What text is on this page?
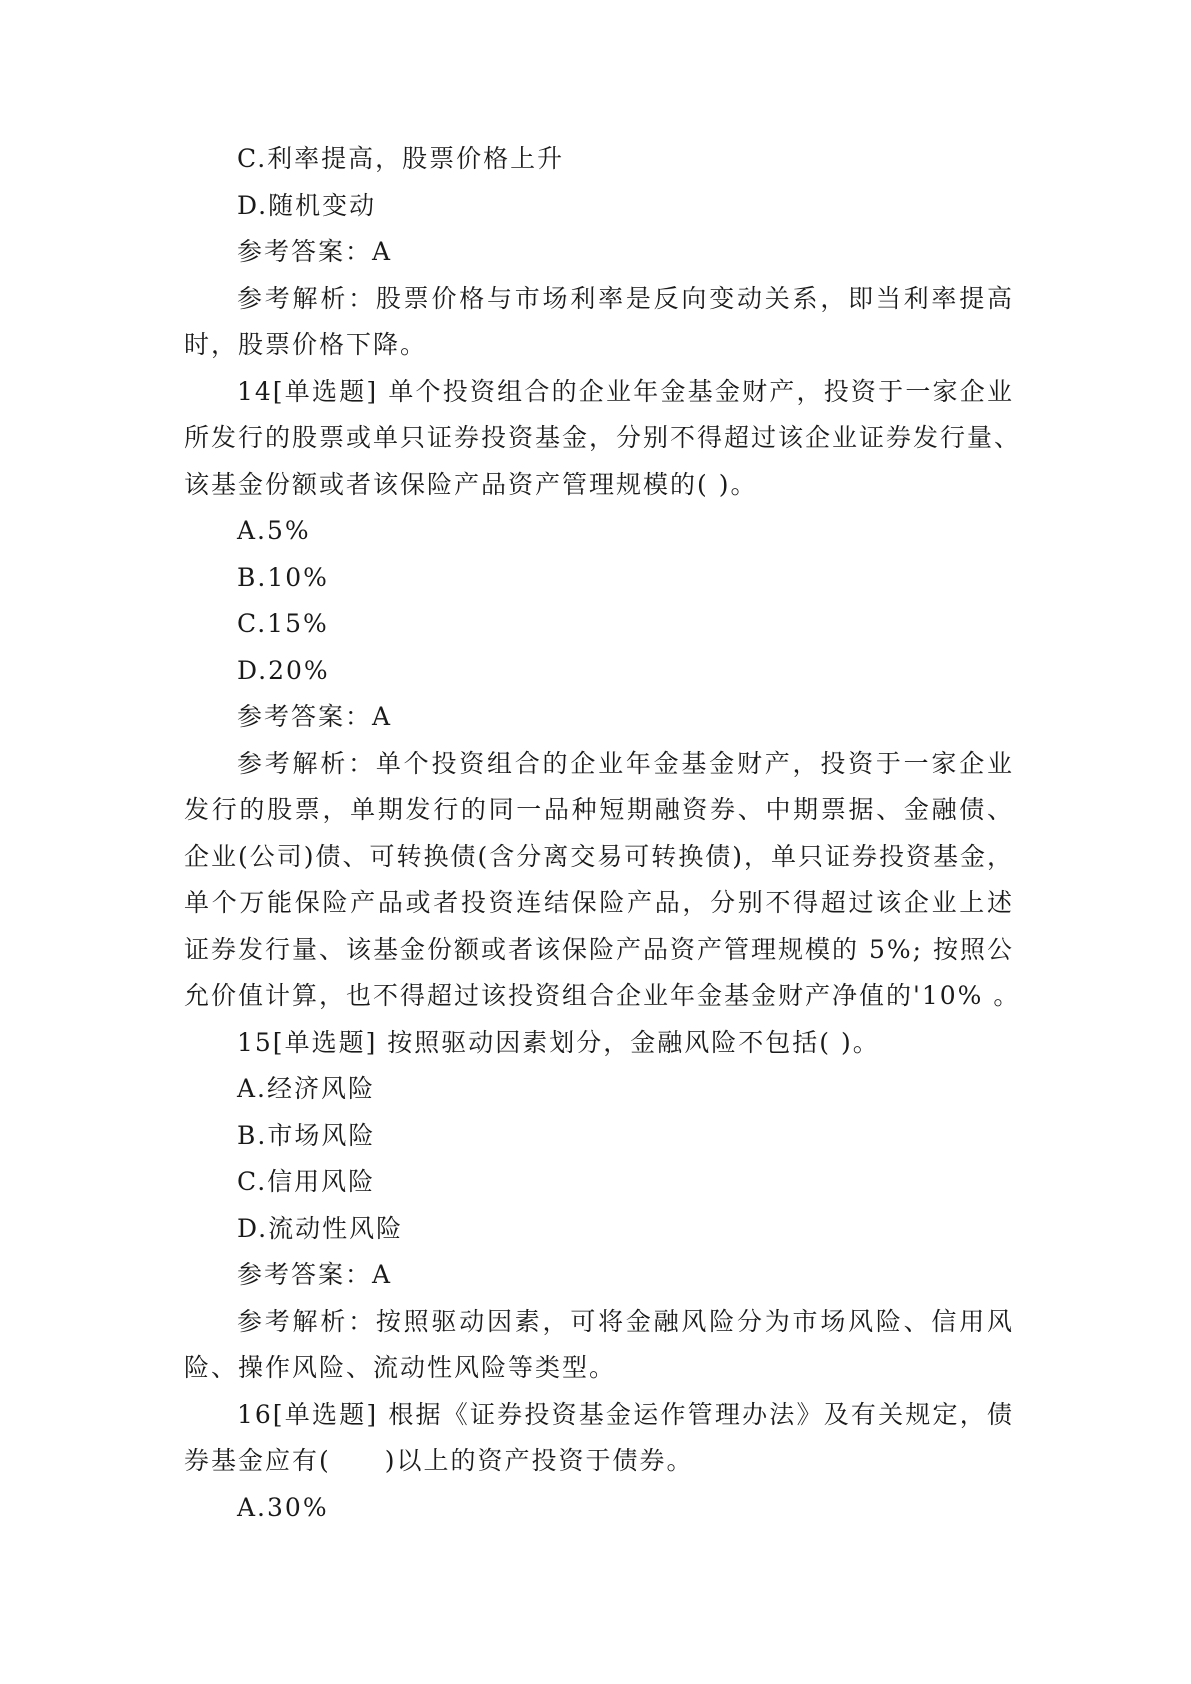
C.利率提高，股票价格上升
D.随机变动
参考答案：A
参考解析：股票价格与市场利率是反向变动关系，即当利率提高
时，股票价格下降。
14[单选题] 单个投资组合的企业年金基金财产，投资于一家企业
所发行的股票或单只证券投资基金，分别不得超过该企业证券发行量、
该基金份额或者该保险产品资产管理规模的( )。
A.5%
B.10%
C.15%
D.20%
参考答案：A
参考解析：单个投资组合的企业年金基金财产，投资于一家企业
发行的股票，单期发行的同一品种短期融资券、中期票据、金融债、
企业(公司)债、可转换债(含分离交易可转换债)，单只证券投资基金，
单个万能保险产品或者投资连结保险产品，分别不得超过该企业上述
证券发行量、该基金份额或者该保险产品资产管理规模的 5%; 按照公
允价值计算，也不得超过该投资组合企业年金基金财产净值的'10% 。
15[单选题] 按照驱动因素划分，金融风险不包括( )。
A.经济风险
B.市场风险
C.信用风险
D.流动性风险
参考答案：A
参考解析：按照驱动因素，可将金融风险分为市场风险、信用风
险、操作风险、流动性风险等类型。
16[单选题] 根据《证券投资基金运作管理办法》及有关规定，债
券基金应有(　　)以上的资产投资于债券。
A.30%
